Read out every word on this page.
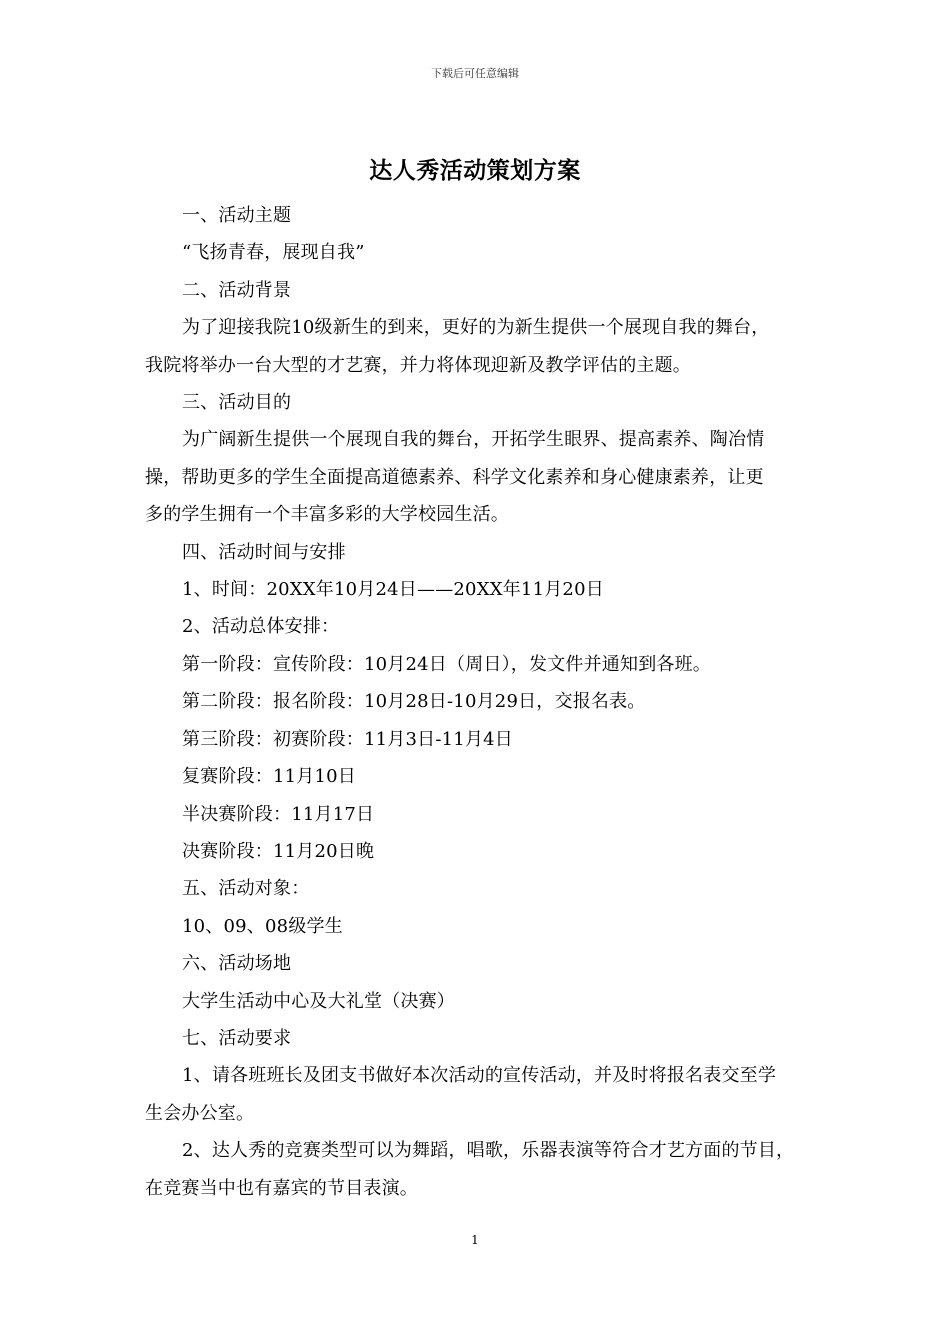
下载后可任意编辑
达人秀活动策划方案

一、活动主题

“飞扬青春，展现自我”

二、活动背景

为了迎接我院10级新生的到来，更好的为新生提供一个展现自我的舞台，

我院将举办一台大型的才艺赛，并力将体现迎新及教学评估的主题。

三、活动目的

为广阔新生提供一个展现自我的舞台，开拓学生眼界、提高素养、陶冶情

操，帮助更多的学生全面提高道德素养、科学文化素养和身心健康素养，让更

多的学生拥有一个丰富多彩的大学校园生活。

四、活动时间与安排

1、时间：20XX年10月24日——20XX年11月20日

2、活动总体安排：

第一阶段：宣传阶段：10月24日（周日），发文件并通知到各班。

第二阶段：报名阶段：10月28日-10月29日，交报名表。

第三阶段：初赛阶段：11月3日-11月4日

复赛阶段：11月10日

半决赛阶段：11月17日

决赛阶段：11月20日晚

五、活动对象：

10、09、08级学生

六、活动场地

大学生活动中心及大礼堂（决赛）

七、活动要求

1、请各班班长及团支书做好本次活动的宣传活动，并及时将报名表交至学

生会办公室。

2、达人秀的竞赛类型可以为舞蹈，唱歌，乐器表演等符合才艺方面的节目，

在竞赛当中也有嘉宾的节目表演。

1
